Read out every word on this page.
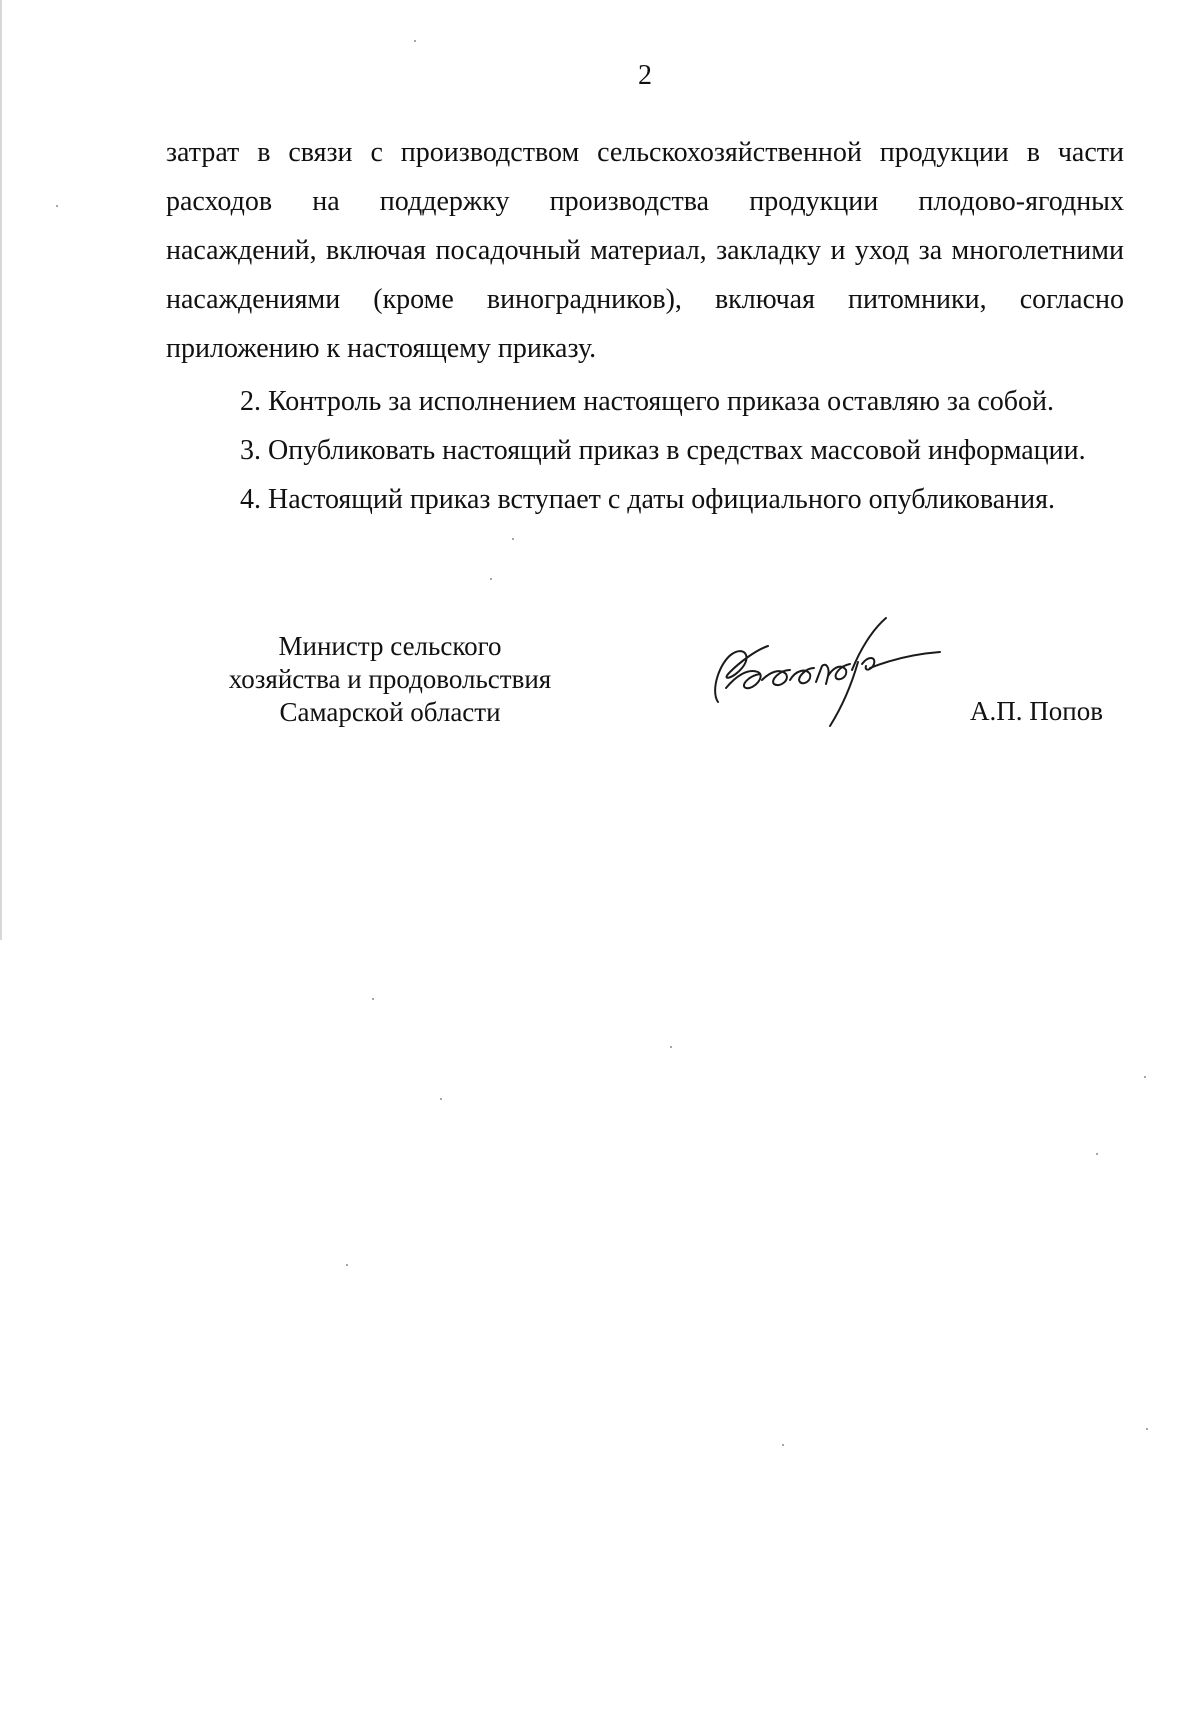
2

затрат в связи с производством сельскохозяйственной продукции в части

расходов на поддержку производства продукции плодово-ягодных

насаждений, включая посадочный материал, закладку и уход за многолетними

насаждениями (кроме виноградников), включая питомники, согласно

приложению к настоящему приказу.

2. Контроль за исполнением настоящего приказа оставляю за собой.

3. Опубликовать настоящий приказ в средствах массовой информации.

4. Настоящий приказ вступает с даты официального опубликования.

Министр сельского
хозяйства и продовольствия
Самарской области	А.П. Попов
